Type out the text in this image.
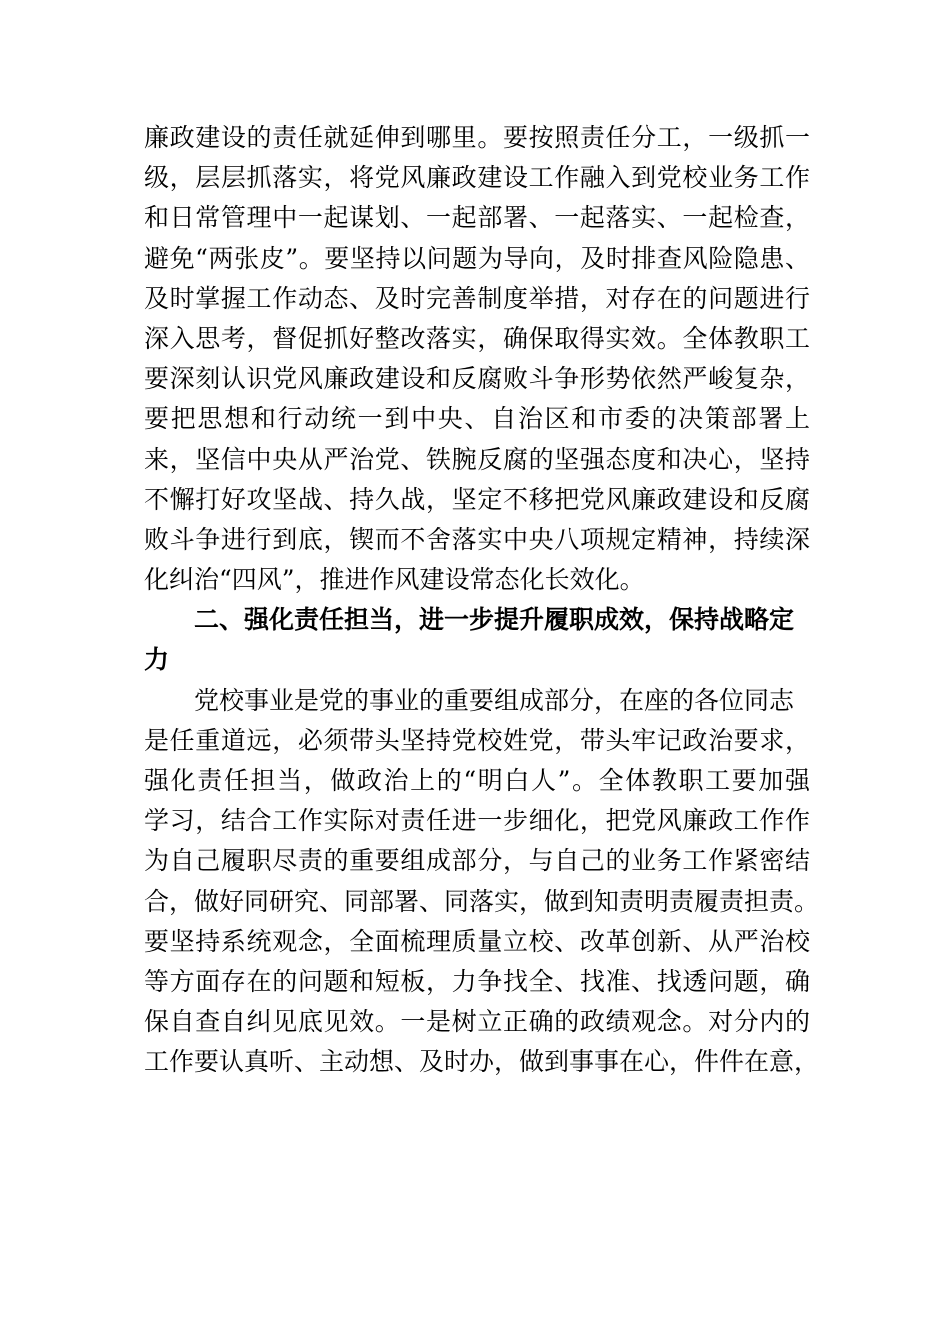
廉政建设的责任就延伸到哪里。要按照责任分工，一级抓一
级，层层抓落实，将党风廉政建设工作融入到党校业务工作
和日常管理中一起谋划、一起部署、一起落实、一起检查，
避免“两张皮”。要坚持以问题为导向，及时排查风险隐患、
及时掌握工作动态、及时完善制度举措，对存在的问题进行
深入思考，督促抓好整改落实，确保取得实效。全体教职工
要深刻认识党风廉政建设和反腐败斗争形势依然严峻复杂，
要把思想和行动统一到中央、自治区和市委的决策部署上
来，坚信中央从严治党、铁腕反腐的坚强态度和决心，坚持
不懈打好攻坚战、持久战，坚定不移把党风廉政建设和反腐
败斗争进行到底，锲而不舍落实中央八项规定精神，持续深
化纠治“四风”，推进作风建设常态化长效化。
二、强化责任担当，进一步提升履职成效，保持战略定
力
党校事业是党的事业的重要组成部分，在座的各位同志
是任重道远，必须带头坚持党校姓党，带头牢记政治要求，
强化责任担当，做政治上的“明白人”。全体教职工要加强
学习，结合工作实际对责任进一步细化，把党风廉政工作作
为自己履职尽责的重要组成部分，与自己的业务工作紧密结
合，做好同研究、同部署、同落实，做到知责明责履责担责。
要坚持系统观念，全面梳理质量立校、改革创新、从严治校
等方面存在的问题和短板，力争找全、找准、找透问题，确
保自查自纠见底见效。一是树立正确的政绩观念。对分内的
工作要认真听、主动想、及时办，做到事事在心，件件在意，
